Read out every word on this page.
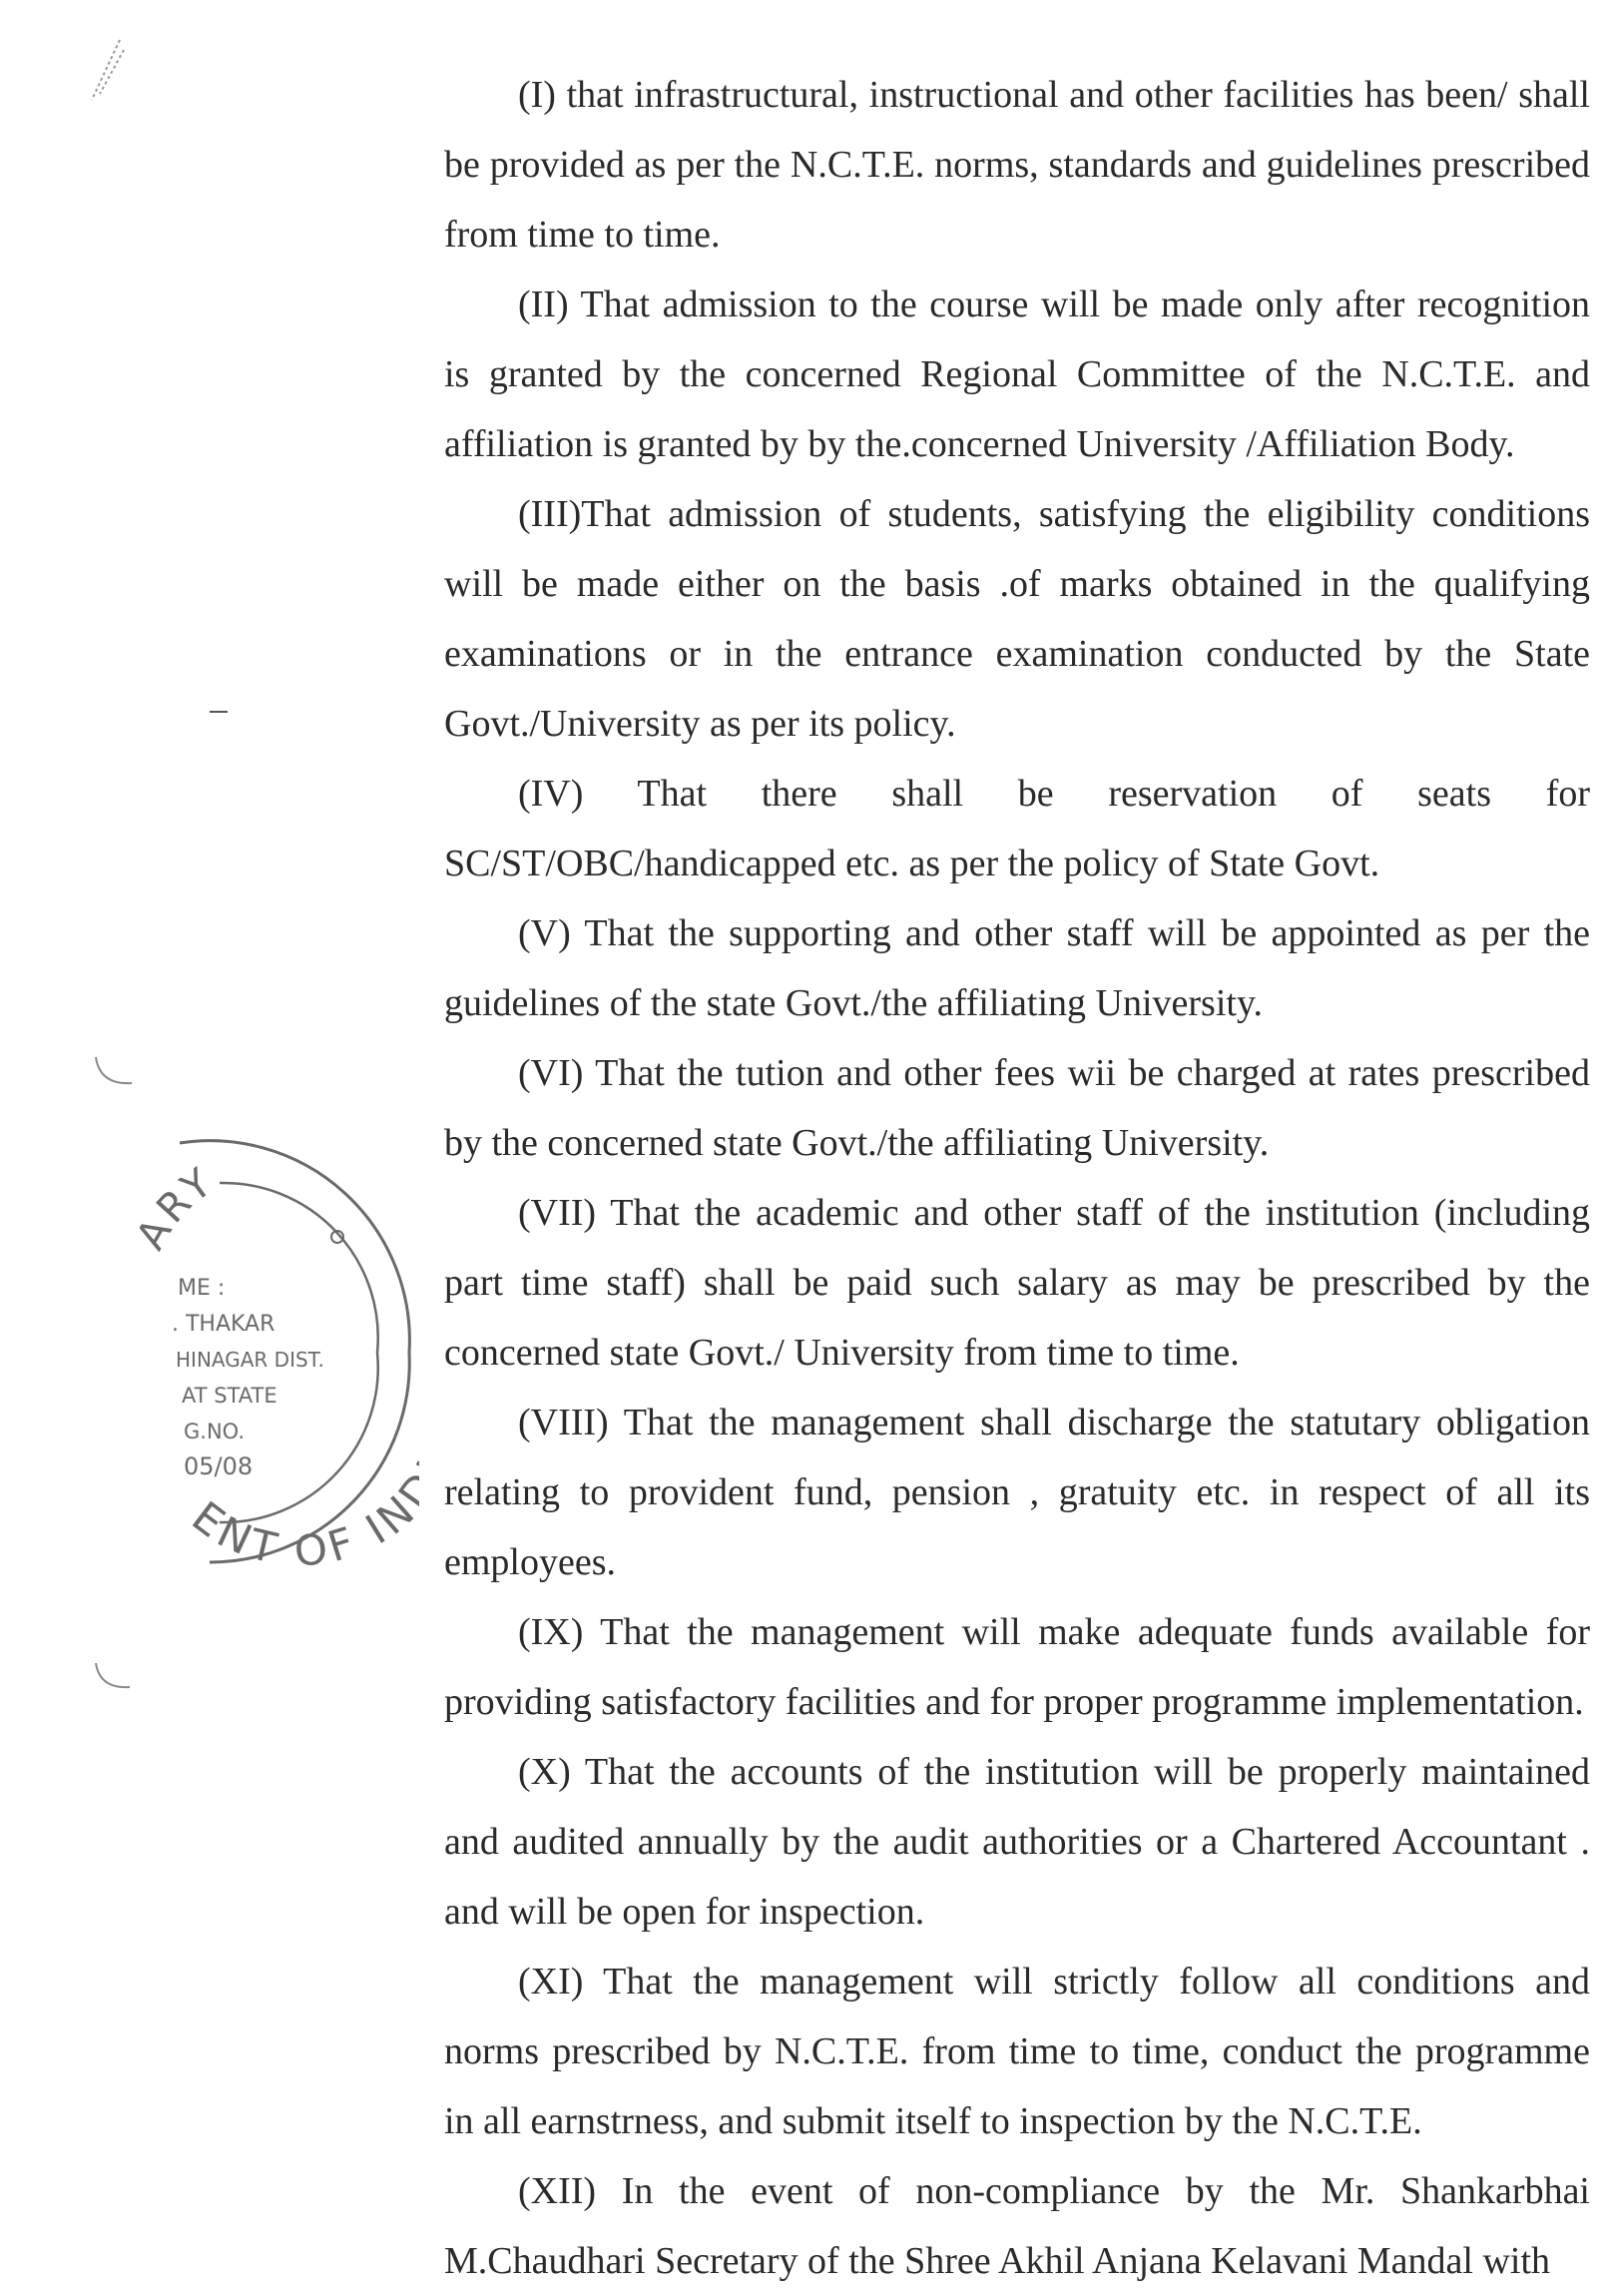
ARY
ENT OF I
ME :
. THAKAR
HINAGAR DIST.
AT STATE
G.NO.
05/08

(I) that infrastructural, instructional and other facilities has been/ shall be provided as per the N.C.T.E. norms, standards and guidelines prescribed from time to time.

(II) That admission to the course will be made only after recognition is granted by the concerned Regional Committee of the N.C.T.E. and affiliation is granted by by the.concerned University /Affiliation Body.

(III)That admission of students, satisfying the eligibility conditions will be made either on the basis .of marks obtained in the qualifying examinations or in the entrance examination conducted by the State Govt./University as per its policy.

(IV) That there shall be reservation of seats for SC/ST/OBC/handicapped etc. as per the policy of State Govt.

(V) That the supporting and other staff will be appointed as per the guidelines of the state Govt./the affiliating University.

(VI) That the tution and other fees wii be charged at rates prescribed by the concerned state Govt./the affiliating University.

(VII) That the academic and other staff of the institution (including part time staff) shall be paid such salary as may be prescribed by the concerned state Govt./ University from time to time.

(VIII) That the management shall discharge the statutary obligation relating to provident fund, pension , gratuity etc. in respect of all its employees.

(IX) That the management will make adequate funds available for providing satisfactory facilities and for proper programme implementation.

(X) That the accounts of the institution will be properly maintained and audited annually by the audit authorities or a Chartered Accountant . and will be open for inspection.

(XI) That the management will strictly follow all conditions and norms prescribed by N.C.T.E. from time to time, conduct the programme in all earnstrness, and submit itself to inspection by the N.C.T.E.

(XII) In the event of non-compliance by the Mr. Shankarbhai M.Chaudhari Secretary of the Shree Akhil Anjana Kelavani Mandal with
